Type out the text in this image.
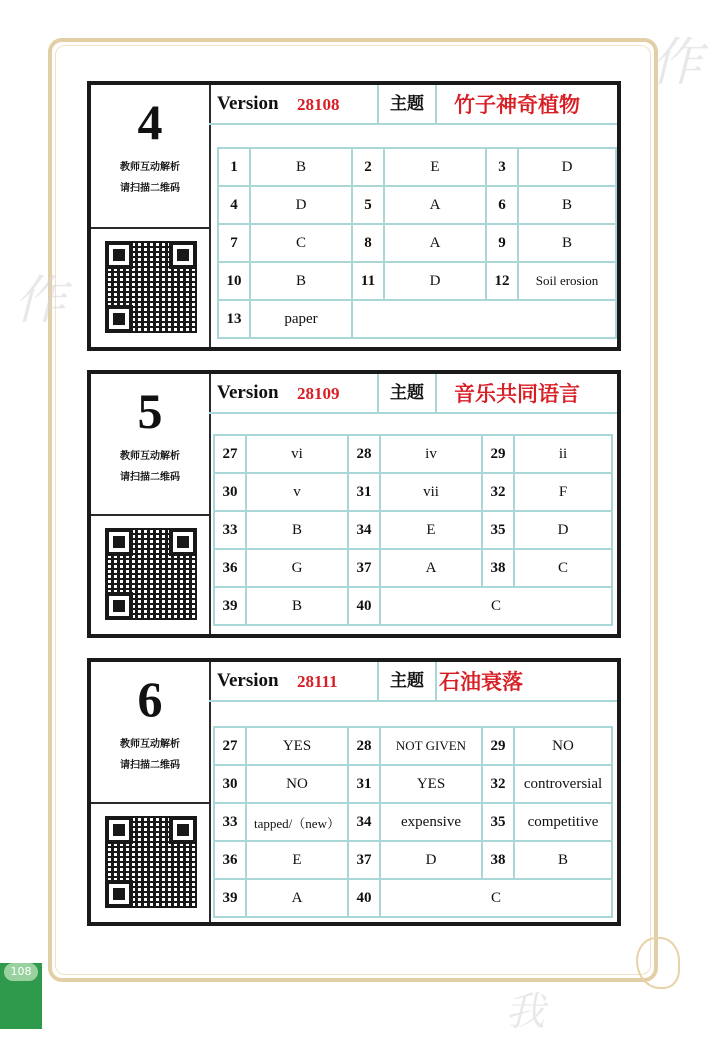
作
作
我
4
教师互动解析
请扫描二维码
Version 28108	主题	竹子神奇植物
1	B	2	E	3	D
4	D	5	A	6	B
7	C	8	A	9	B
10	B	11	D	12	Soil erosion
13	paper				
5
教师互动解析
请扫描二维码
Version 28109	主题	音乐共同语言
27	vi	28	iv	29	ii
30	v	31	vii	32	F
33	B	34	E	35	D
36	G	37	A	38	C
39	B	40	C		
6
教师互动解析
请扫描二维码
Version 28111	主题 石油衰落
27	YES	28	NOT GIVEN	29	NO
30	NO	31	YES	32	controversial
33	tapped/（new）	34	expensive	35	competitive
36	E	37	D	38	B
39	A	40	C		
108
